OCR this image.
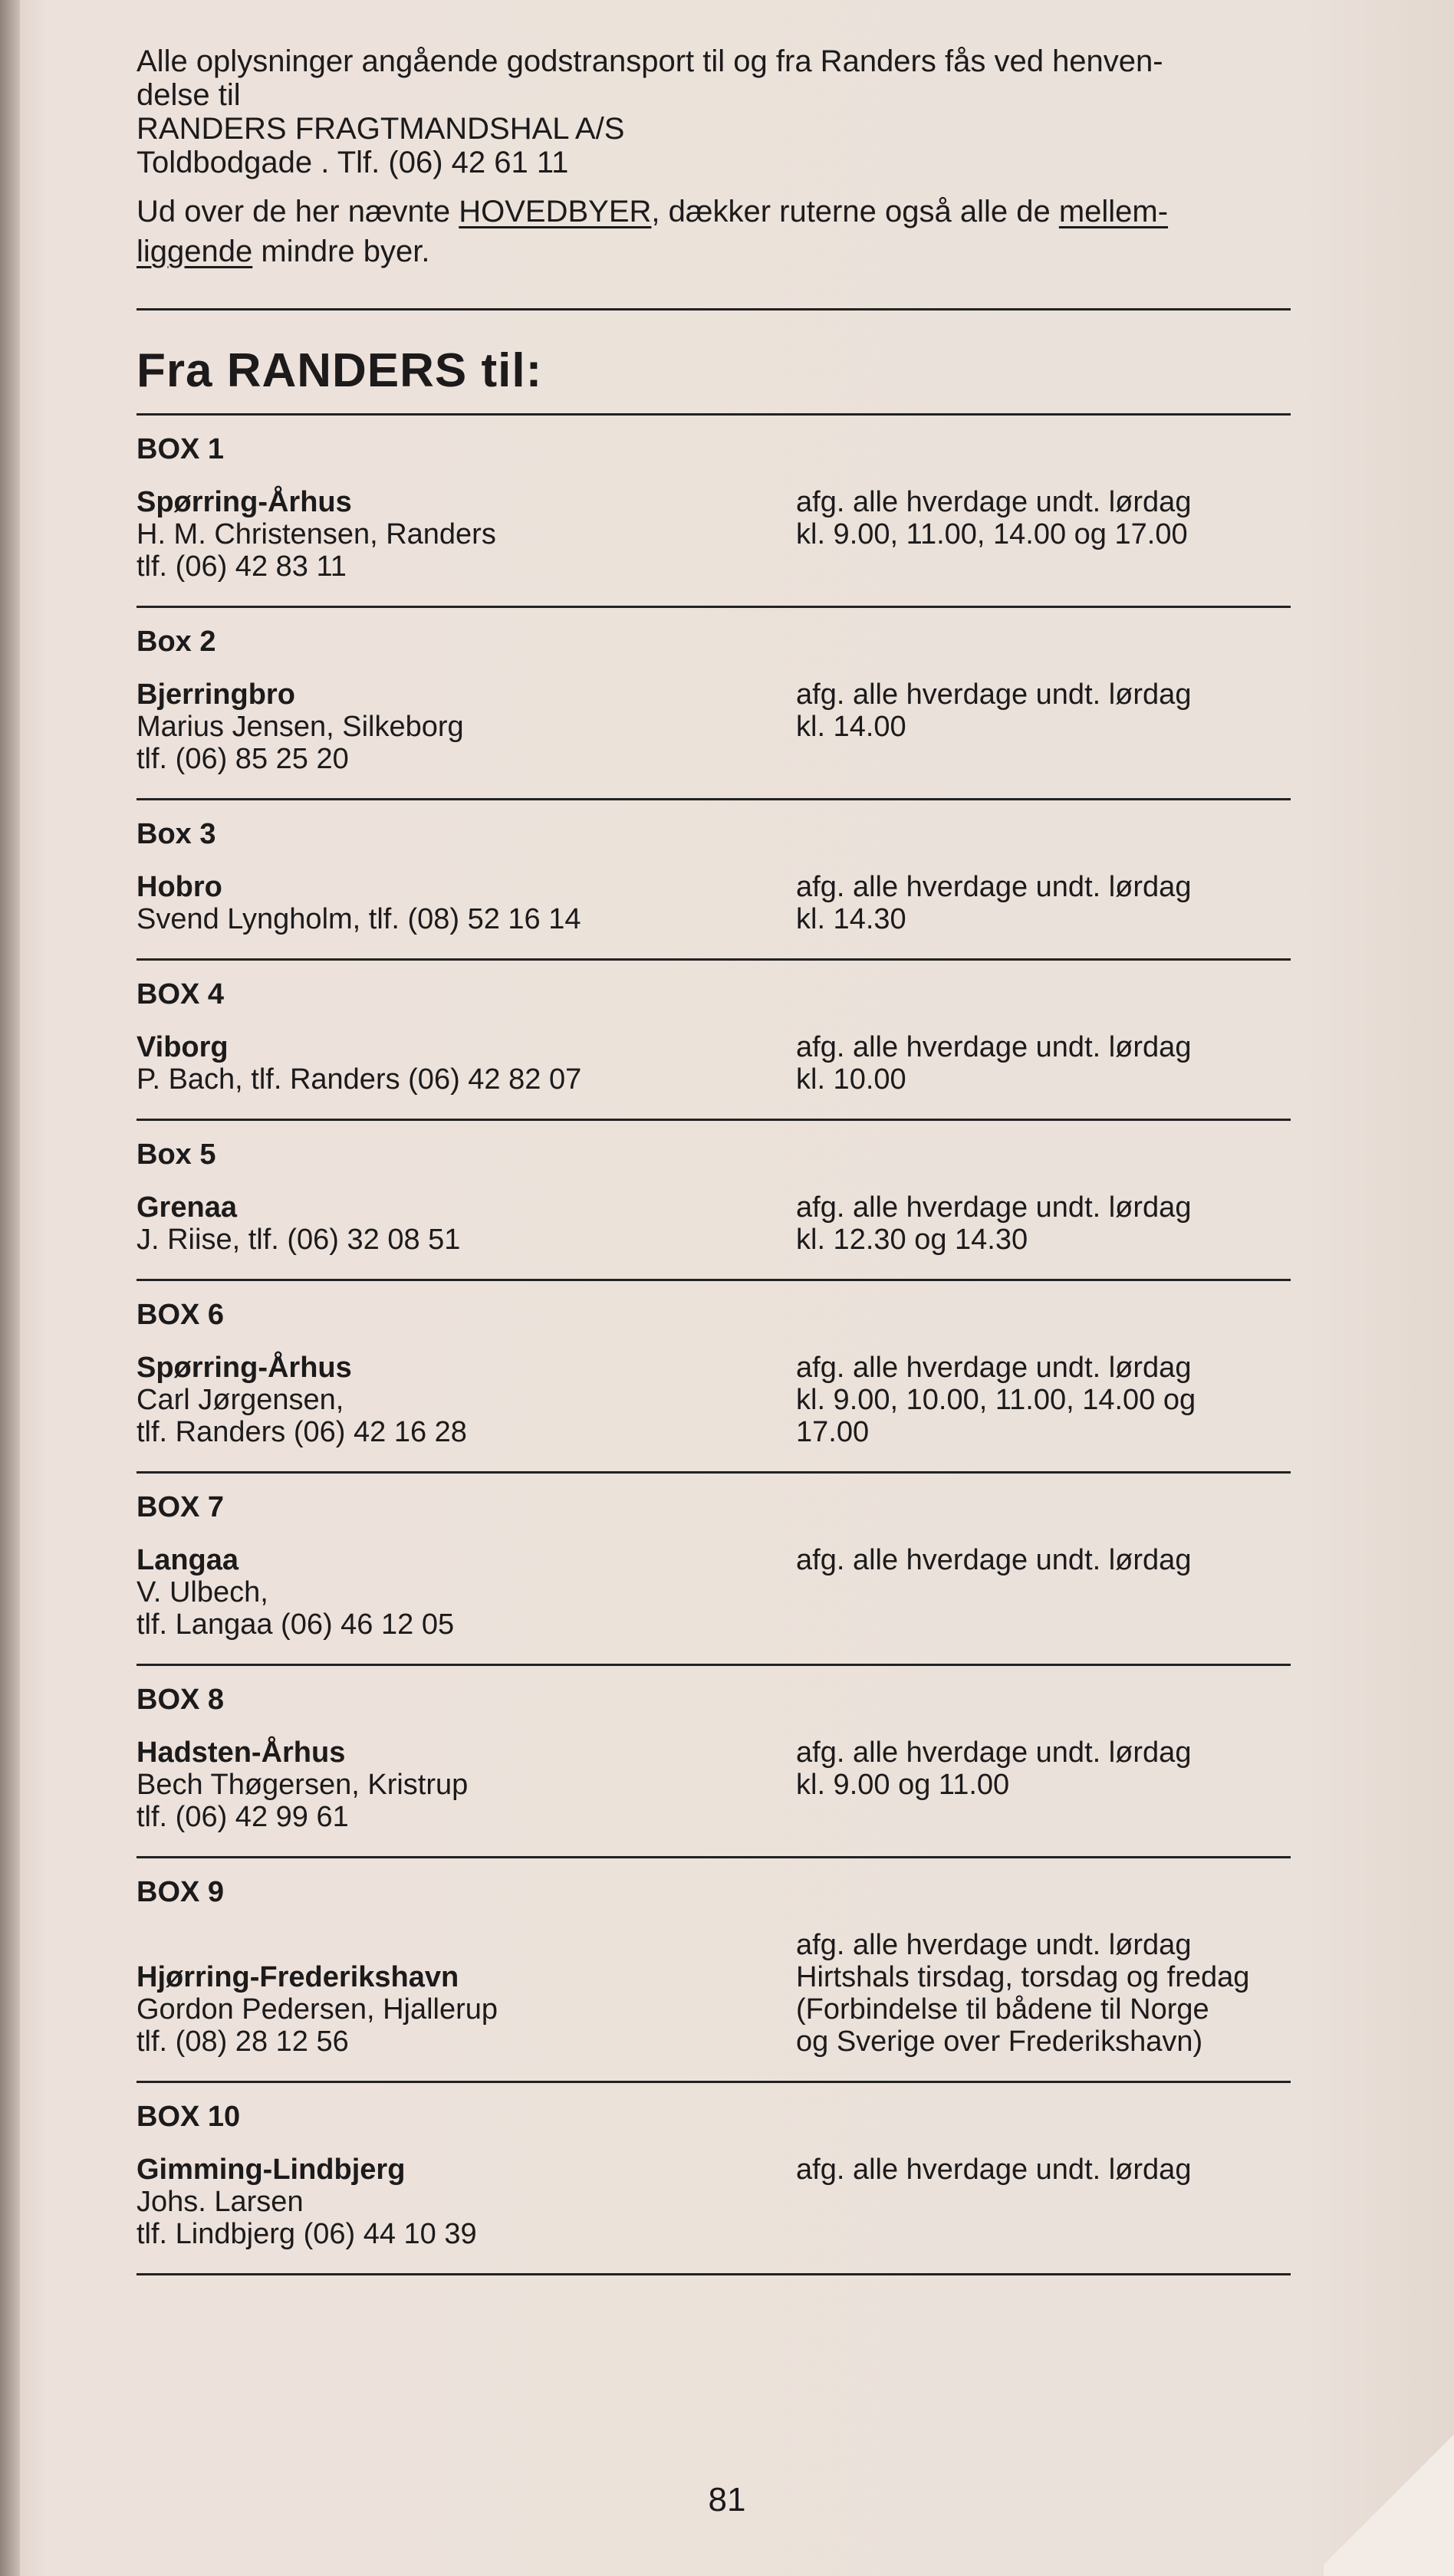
Alle oplysninger angående godstransport til og fra Randers fås ved henven-

delse til

RANDERS FRAGTMANDSHAL A/S

Toldbodgade . Tlf. (06) 42 61 11

Ud over de her nævnte HOVEDBYER, dækker ruterne også alle de mellem-

liggende mindre byer.

Fra RANDERS til:
BOX 1
Spørring-Århus
H. M. Christensen, Randers
tlf. (06) 42 83 11
afg. alle hverdage undt. lørdag
kl. 9.00, 11.00, 14.00 og 17.00
Box 2
Bjerringbro
Marius Jensen, Silkeborg
tlf. (06) 85 25 20
afg. alle hverdage undt. lørdag
kl. 14.00
Box 3
Hobro
Svend Lyngholm, tlf. (08) 52 16 14
afg. alle hverdage undt. lørdag
kl. 14.30
BOX 4
Viborg
P. Bach, tlf. Randers (06) 42 82 07
afg. alle hverdage undt. lørdag
kl. 10.00
Box 5
Grenaa
J. Riise, tlf. (06) 32 08 51
afg. alle hverdage undt. lørdag
kl. 12.30 og 14.30
BOX 6
Spørring-Århus
Carl Jørgensen,
tlf. Randers (06) 42 16 28
afg. alle hverdage undt. lørdag
kl. 9.00, 10.00, 11.00, 14.00 og
17.00
BOX 7
Langaa
V. Ulbech,
tlf. Langaa (06) 46 12 05
afg. alle hverdage undt. lørdag
BOX 8
Hadsten-Århus
Bech Thøgersen, Kristrup
tlf. (06) 42 99 61
afg. alle hverdage undt. lørdag
kl. 9.00 og 11.00
BOX 9

Hjørring-Frederikshavn
Gordon Pedersen, Hjallerup
tlf. (08) 28 12 56
afg. alle hverdage undt. lørdag
Hirtshals tirsdag, torsdag og fredag
(Forbindelse til bådene til Norge
og Sverige over Frederikshavn)
BOX 10
Gimming-Lindbjerg
Johs. Larsen
tlf. Lindbjerg (06) 44 10 39
afg. alle hverdage undt. lørdag
81
